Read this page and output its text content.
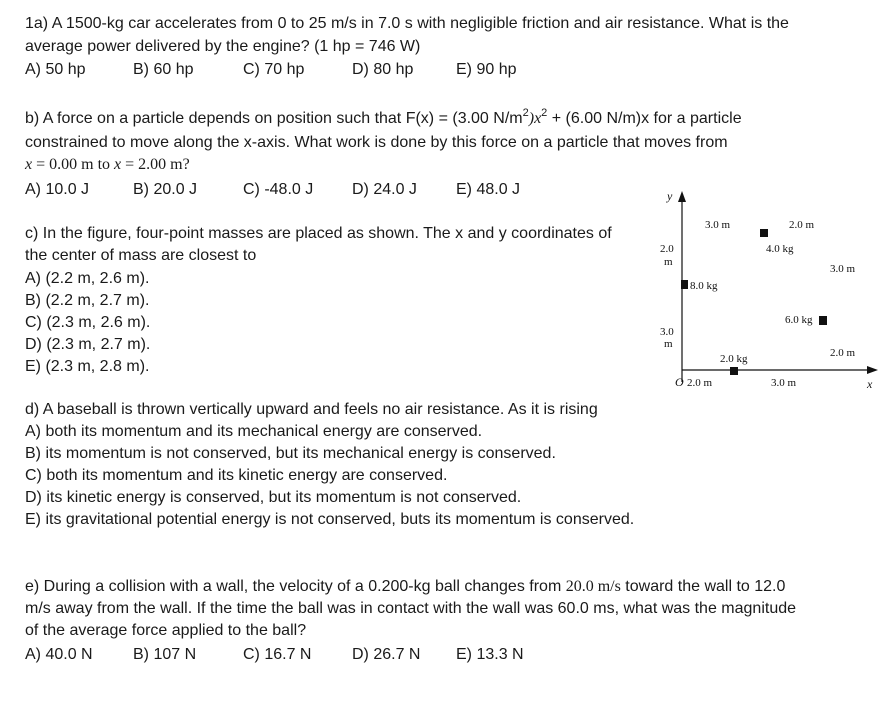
1a) A 1500-kg car accelerates from 0 to 25 m/s in 7.0 s with negligible friction and air resistance. What is the
average power delivered by the engine? (1 hp = 746 W)
A) 50 hp	B) 60 hp	C) 70 hp	D) 80 hp	E) 90 hp
b) A force on a particle depends on position such that F(x) = (3.00 $N/m^2)x^2 + (6.00$ N/m)x for a particle
constrained to move along the x-axis. What work is done by this force on a particle that moves from
x = 0.00 m to x = 2.00 m?
A) 10.0 J	B) 20.0 J	C) -48.0 J D) 24.0 J E) 48.0 J
c) In the figure, four-point masses are placed as shown. The x and y coordinates of
the center of mass are closest to
A) (2.2 m, 2.6 m).
B) (2.2 m, 2.7 m).
C) (2.3 m, 2.6 m).
D) (2.3 m, 2.7 m).
E) (2.3 m, 2.8 m).
y
x
O
3.0 m	2.0 m
2.0
m
3.0
m
3.0 m
2.0 m
2.0 m	3.0 m
4.0 kg
8.0 kg
6.0 kg
2.0 kg
d) A baseball is thrown vertically upward and feels no air resistance. As it is rising
A) both its momentum and its mechanical energy are conserved.
B) its momentum is not conserved, but its mechanical energy is conserved.
C) both its momentum and its kinetic energy are conserved.
D) its kinetic energy is conserved, but its momentum is not conserved.
E) its gravitational potential energy is not conserved, buts its momentum is conserved.
e) During a collision with a wall, the velocity of a 0.200-kg ball changes from 20.0 m/s toward the wall to 12.0
m/s away from the wall. If the time the ball was in contact with the wall was 60.0 ms, what was the magnitude
of the average force applied to the ball?
A) 40.0 N	B) 107 N	C) 16.7 N	D) 26.7 N E) 13.3 N
